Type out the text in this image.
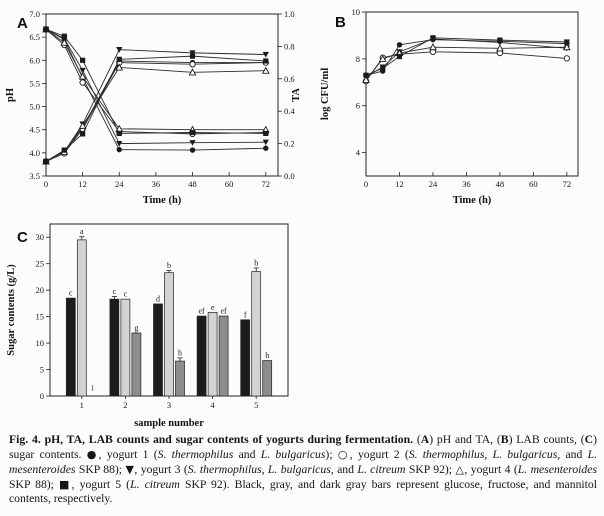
A
0	12	24	36	48	60	72
3.5
4.0
4.5
5.0
5.5
6.0
6.5
7.0
0.0
0.2
0.4
0.6
0.8
1.0
Time (h)
pH	TA
B
0	12	24	36	48	60	72
4
6
8
10
Time (h)
log CFU/ml
C
0
5
10
15
20
25
30
1	2	3	4	5
c	c
d
ef	f
a
c
b
e
b
i
g
h
ef
h
sample number
Sugar contents (g/L)
Fig. 4. pH, TA, LAB counts and sugar contents of yogurts during fermentation. (A) pH and TA, (B) LAB counts, (C) sugar contents. ●, yogurt 1 (S. thermophilus and L. bulgaricus); ○, yogurt 2 (S. thermophilus, L. bulgaricus, and L. mesenteroides SKP 88); ▼, yogurt 3 (S. thermophilus, L. bulgaricus, and L. citreum SKP 92); △, yogurt 4 (L. mesenteroides SKP 88); ■, yogurt 5 (L. citreum SKP 92). Black, gray, and dark gray bars represent glucose, fructose, and mannitol contents, respectively.
